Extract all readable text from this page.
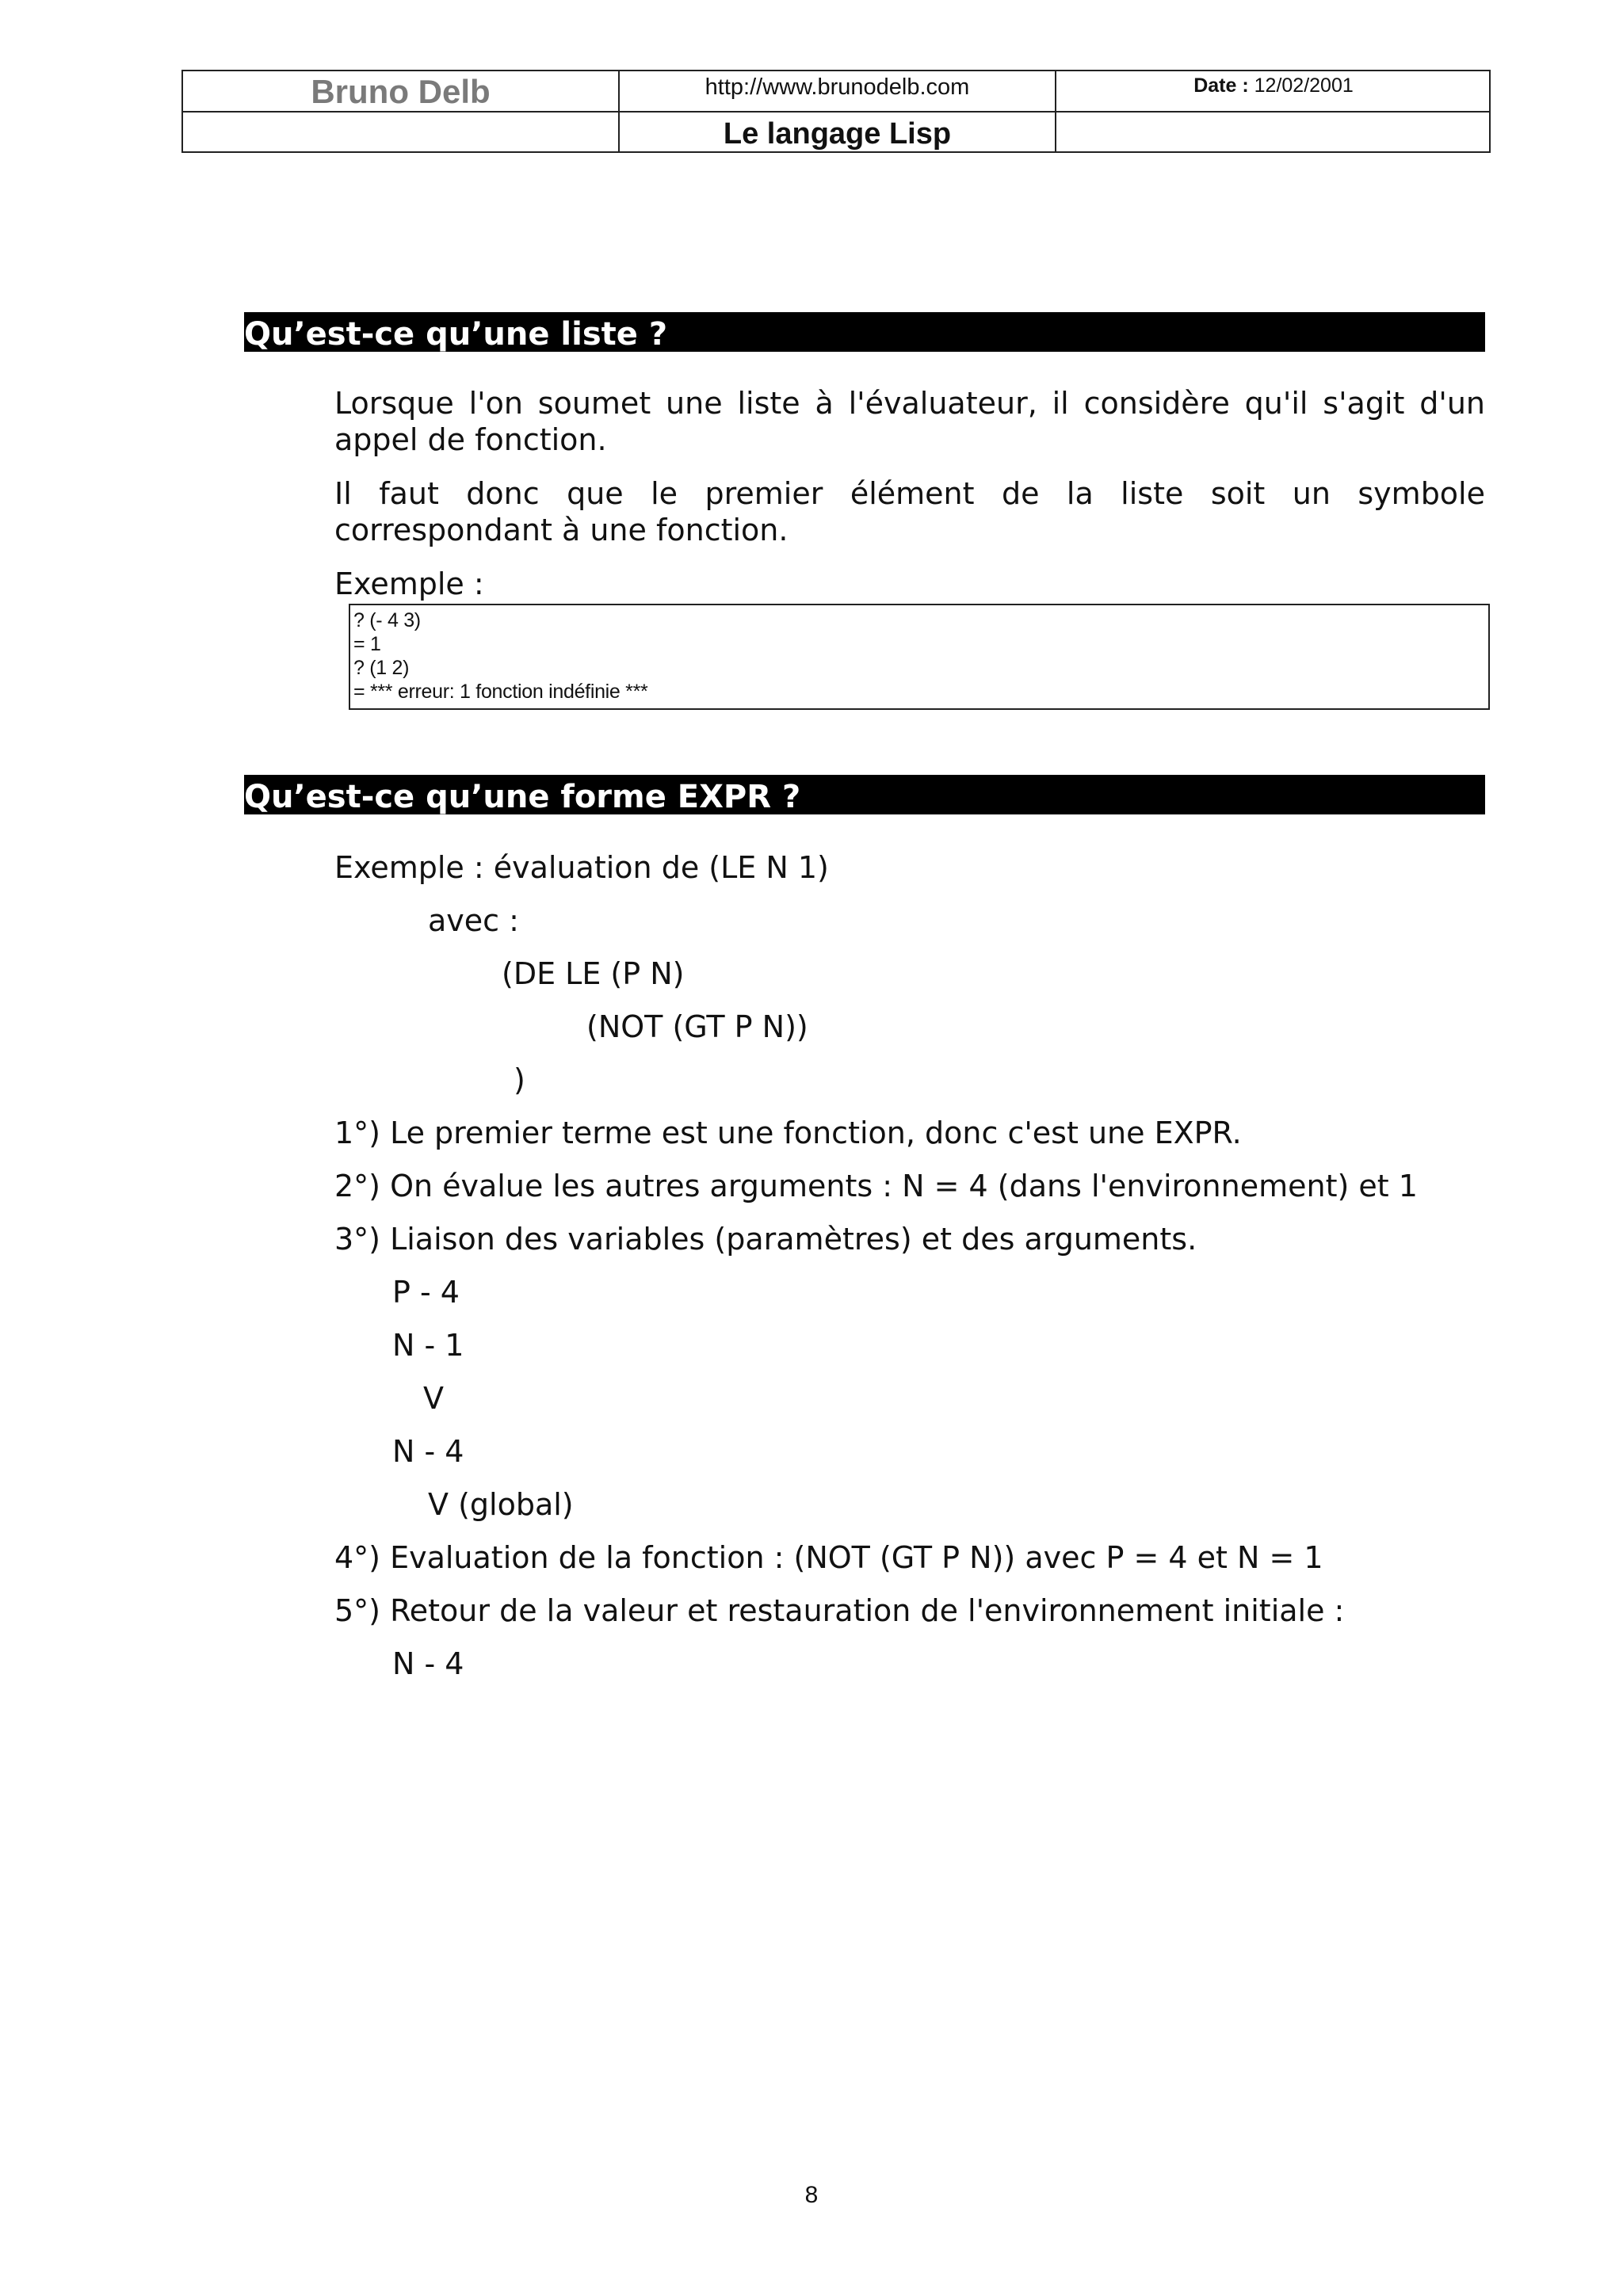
Bruno Delb	http://www.brunodelb.com	Date : 12/02/2001
Le langage Lisp
Qu’est-ce qu’une liste ?
Lorsque l'on soumet une liste à l'évaluateur, il considère qu'il s'agit d'un
appel de fonction.
Il faut donc que le premier élément de la liste soit un symbole
correspondant à une fonction.
Exemple :
? (- 4 3)
= 1
? (1 2)
= *** erreur: 1 fonction indéfinie ***
Qu’est-ce qu’une forme EXPR ?
Exemple : évaluation de (LE N 1)
avec :
(DE LE (P N)
(NOT (GT P N))
)
1°) Le premier terme est une fonction, donc c'est une EXPR.
2°) On évalue les autres arguments : N = 4 (dans l'environnement) et 1
3°) Liaison des variables (paramètres) et des arguments.
P - 4
N - 1
V
N - 4
V (global)
4°) Evaluation de la fonction : (NOT (GT P N)) avec P = 4 et N = 1
5°) Retour de la valeur et restauration de l'environnement initiale :
N - 4
8
